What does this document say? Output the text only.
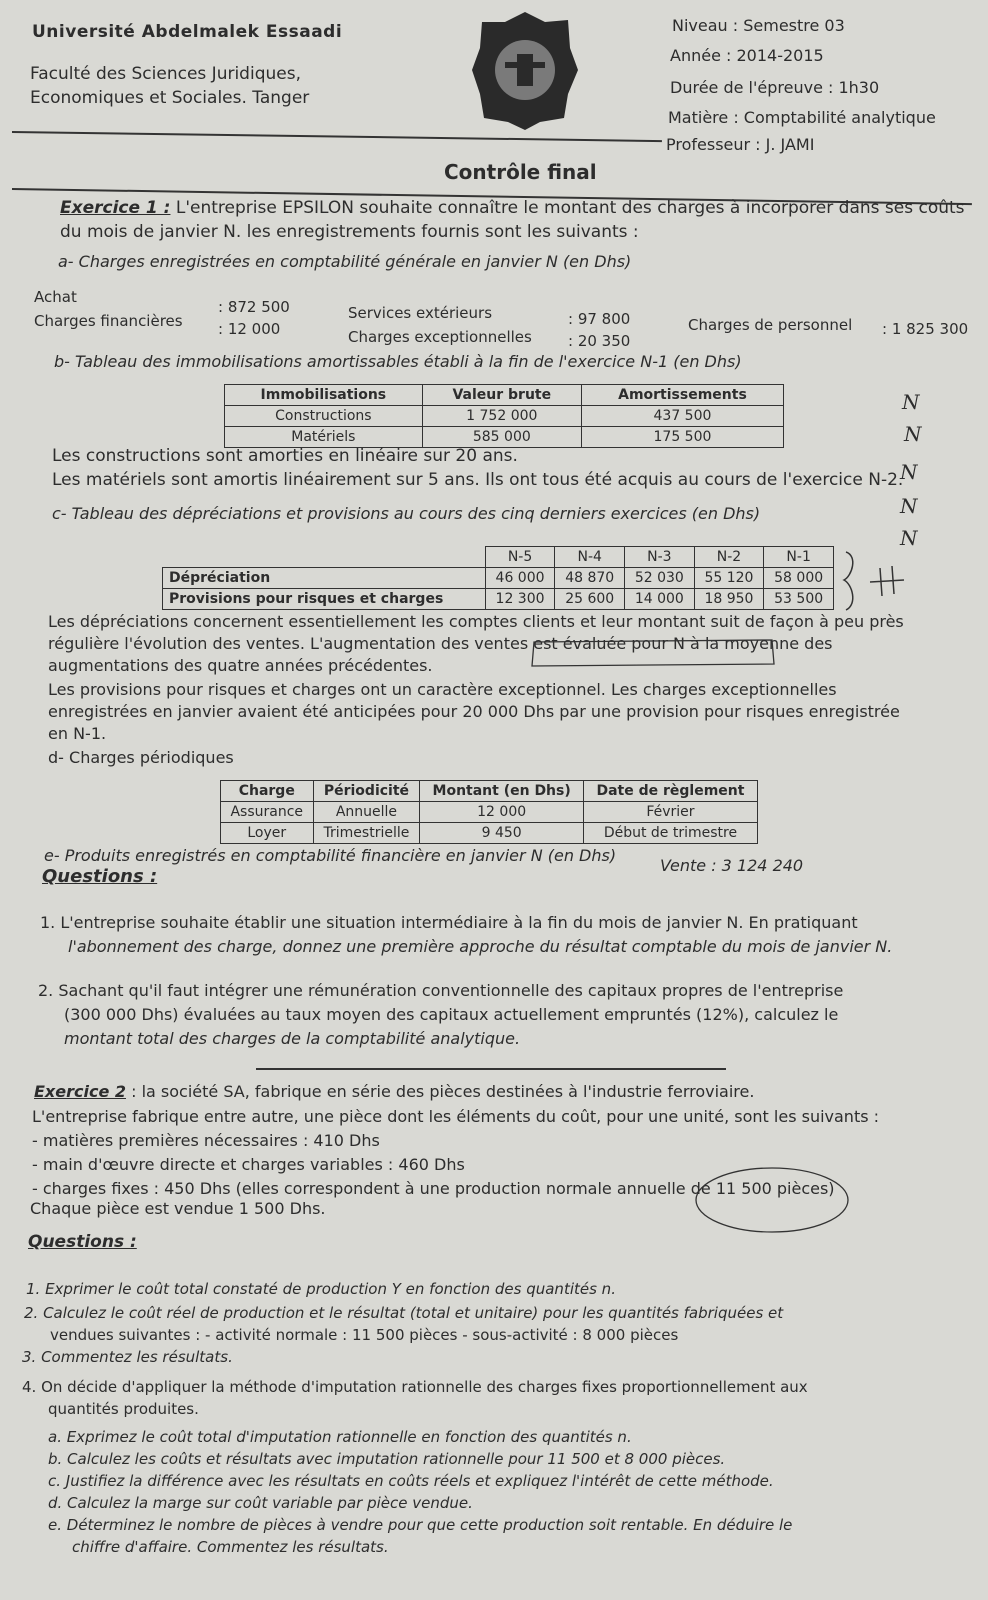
Université Abdelmalek Essaadi
Faculté des Sciences Juridiques,
Economiques et Sociales. Tanger
Niveau : Semestre 03
Année : 2014-2015
Durée de l'épreuve : 1h30
Matière : Comptabilité analytique
Professeur : J. JAMI
Contrôle final
Exercice 1 : L'entreprise EPSILON souhaite connaître le montant des charges à incorporer dans ses coûts
du mois de janvier N. les enregistrements fournis sont les suivants :
a- Charges enregistrées en comptabilité générale en janvier N (en Dhs)
Achat
: 872 500
Charges financières : 12 000
Services extérieurs	: 97 800
Charges exceptionnelles : 20 350
Charges de personnel : 1 825 300
b- Tableau des immobilisations amortissables établi à la fin de l'exercice N-1 (en Dhs)
Immobilisations	Valeur brute	Amortissements
Constructions	1 752 000	437 500
Matériels	585 000	175 500
Les constructions sont amorties en linéaire sur 20 ans.
Les matériels sont amortis linéairement sur 5 ans. Ils ont tous été acquis au cours de l'exercice N-2.
c- Tableau des dépréciations et provisions au cours des cinq derniers exercices (en Dhs)
	N-5	N-4	N-3	N-2	N-1
Dépréciation	46 000	48 870	52 030	55 120	58 000
Provisions pour risques et charges	12 300	25 600	14 000	18 950	53 500
Les dépréciations concernent essentiellement les comptes clients et leur montant suit de façon à peu près
régulière l'évolution des ventes. L'augmentation des ventes est évaluée pour N à la moyenne des
augmentations des quatre années précédentes.
Les provisions pour risques et charges ont un caractère exceptionnel. Les charges exceptionnelles
enregistrées en janvier avaient été anticipées pour 20 000 Dhs par une provision pour risques enregistrée
en N-1.
d- Charges périodiques
Charge	Périodicité	Montant (en Dhs)	Date de règlement
Assurance	Annuelle	12 000	Février
Loyer	Trimestrielle	9 450	Début de trimestre
e- Produits enregistrés en comptabilité financière en janvier N (en Dhs)
Vente : 3 124 240
Questions :
1. L'entreprise souhaite établir une situation intermédiaire à la fin du mois de janvier N. En pratiquant
l'abonnement des charge, donnez une première approche du résultat comptable du mois de janvier N.
2. Sachant qu'il faut intégrer une rémunération conventionnelle des capitaux propres de l'entreprise
(300 000 Dhs) évaluées au taux moyen des capitaux actuellement empruntés (12%), calculez le
montant total des charges de la comptabilité analytique.
Exercice 2 : la société SA, fabrique en série des pièces destinées à l'industrie ferroviaire.
L'entreprise fabrique entre autre, une pièce dont les éléments du coût, pour une unité, sont les suivants :
- matières premières nécessaires : 410 Dhs
- main d'œuvre directe et charges variables : 460 Dhs
- charges fixes : 450 Dhs (elles correspondent à une production normale annuelle de 11 500 pièces)
Chaque pièce est vendue 1 500 Dhs.
Questions :
1. Exprimer le coût total constaté de production Y en fonction des quantités n.
2. Calculez le coût réel de production et le résultat (total et unitaire) pour les quantités fabriquées et
vendues suivantes : - activité normale : 11 500 pièces - sous-activité : 8 000 pièces
3. Commentez les résultats.
4. On décide d'appliquer la méthode d'imputation rationnelle des charges fixes proportionnellement aux
quantités produites.
a. Exprimez le coût total d'imputation rationnelle en fonction des quantités n.
b. Calculez les coûts et résultats avec imputation rationnelle pour 11 500 et 8 000 pièces.
c. Justifiez la différence avec les résultats en coûts réels et expliquez l'intérêt de cette méthode.
d. Calculez la marge sur coût variable par pièce vendue.
e. Déterminez le nombre de pièces à vendre pour que cette production soit rentable. En déduire le
chiffre d'affaire. Commentez les résultats.
N
N
N
N
N
